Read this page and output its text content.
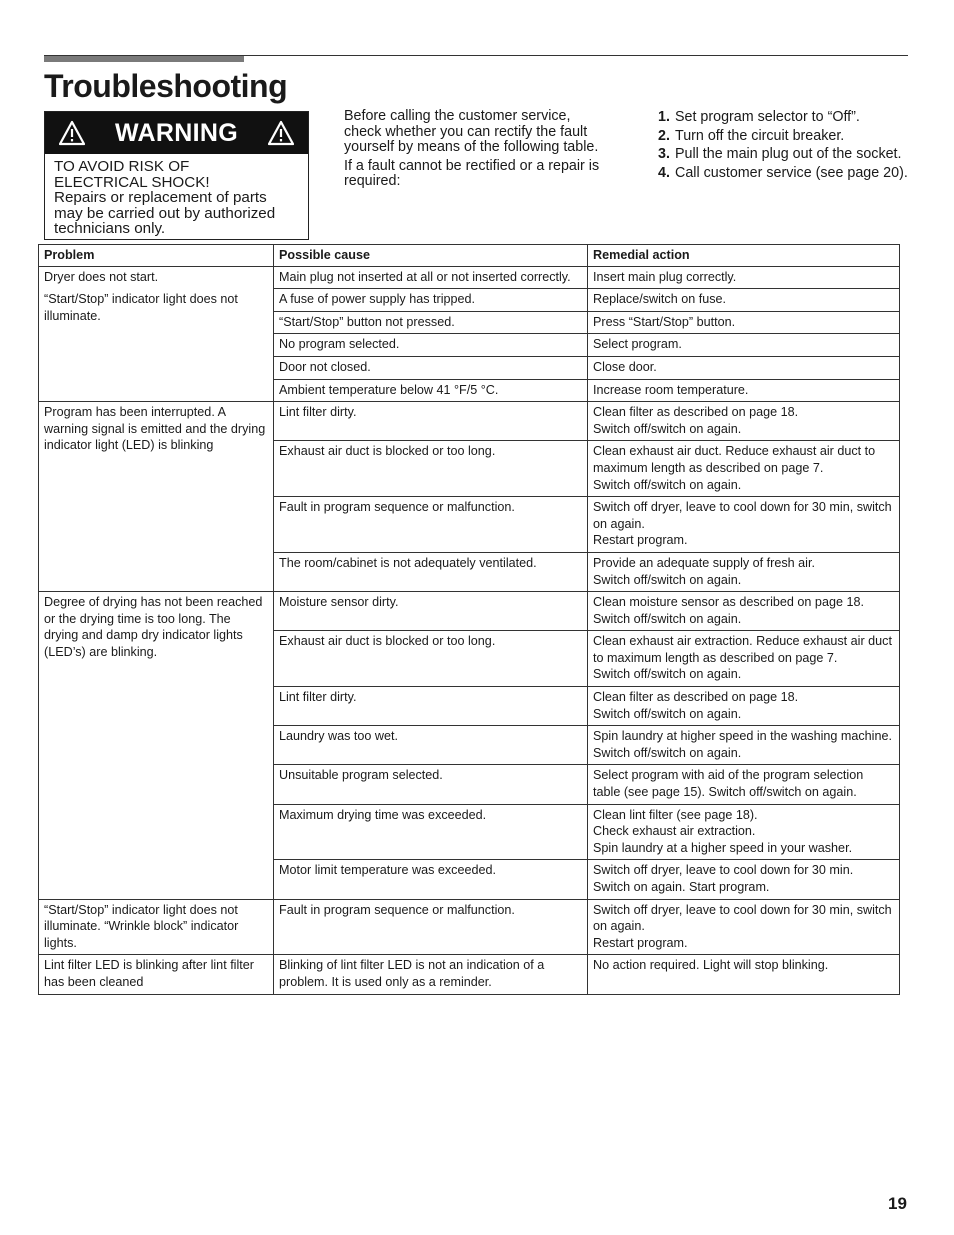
Troubleshooting
WARNING
TO AVOID RISK OF
ELECTRICAL SHOCK!
Repairs or replacement of parts
may be carried out by authorized
technicians only.

Before calling the customer service, check whether you can rectify the fault yourself by means of the following table.

If a fault cannot be rectified or a repair is required:

1. Set program selector to “Off”.
2. Turn off the circuit breaker.
3. Pull the main plug out of the socket.
4. Call customer service (see page 20).
Problem	Possible cause	Remedial action

Dryer does not start.
“Start/Stop” indicator light does not illuminate.	Main plug not inserted at all or not inserted correctly.	Insert main plug correctly.

	A fuse of power supply has tripped.	Replace/switch on fuse.

	“Start/Stop” button not pressed.	Press “Start/Stop” button.

	No program selected.	Select program.

	Door not closed.	Close door.

	Ambient temperature below 41 °F/5 °C.	Increase room temperature.

Program has been interrupted. A warning signal is emitted and the drying indicator light (LED) is blinking	Lint filter dirty.	Clean filter as described on page 18.
Switch off/switch on again.

	Exhaust air duct is blocked or too long.	Clean exhaust air duct. Reduce exhaust air duct to maximum length as described on page 7.
Switch off/switch on again.

	Fault in program sequence or malfunction.	Switch off dryer, leave to cool down for 30 min, switch on again.
Restart program.

	The room/cabinet is not adequately ventilated.	Provide an adequate supply of fresh air.
Switch off/switch on again.

Degree of drying has not been reached or the drying time is too long. The drying and damp dry indicator lights (LED’s) are blinking.	Moisture sensor dirty.	Clean moisture sensor as described on page 18.
Switch off/switch on again.

	Exhaust air duct is blocked or too long.	Clean exhaust air extraction. Reduce exhaust air duct to maximum length as described on page 7.
Switch off/switch on again.

	Lint filter dirty.	Clean filter as described on page 18.
Switch off/switch on again.

	Laundry was too wet.	Spin laundry at higher speed in the washing machine. Switch off/switch on again.

	Unsuitable program selected.	Select program with aid of the program selection table (see page 15). Switch off/switch on again.

	Maximum drying time was exceeded.	Clean lint filter (see page 18).
Check exhaust air extraction.
Spin laundry at a higher speed in your washer.

	Motor limit temperature was exceeded.	Switch off dryer, leave to cool down for 30 min.
Switch on again. Start program.

“Start/Stop” indicator light does not illuminate. “Wrinkle block” indicator lights.	Fault in program sequence or malfunction.	Switch off dryer, leave to cool down for 30 min, switch on again.
Restart program.

Lint filter LED is blinking after lint filter has been cleaned	Blinking of lint filter LED is not an indication of a problem. It is used only as a reminder.	No action required. Light will stop blinking.
19
